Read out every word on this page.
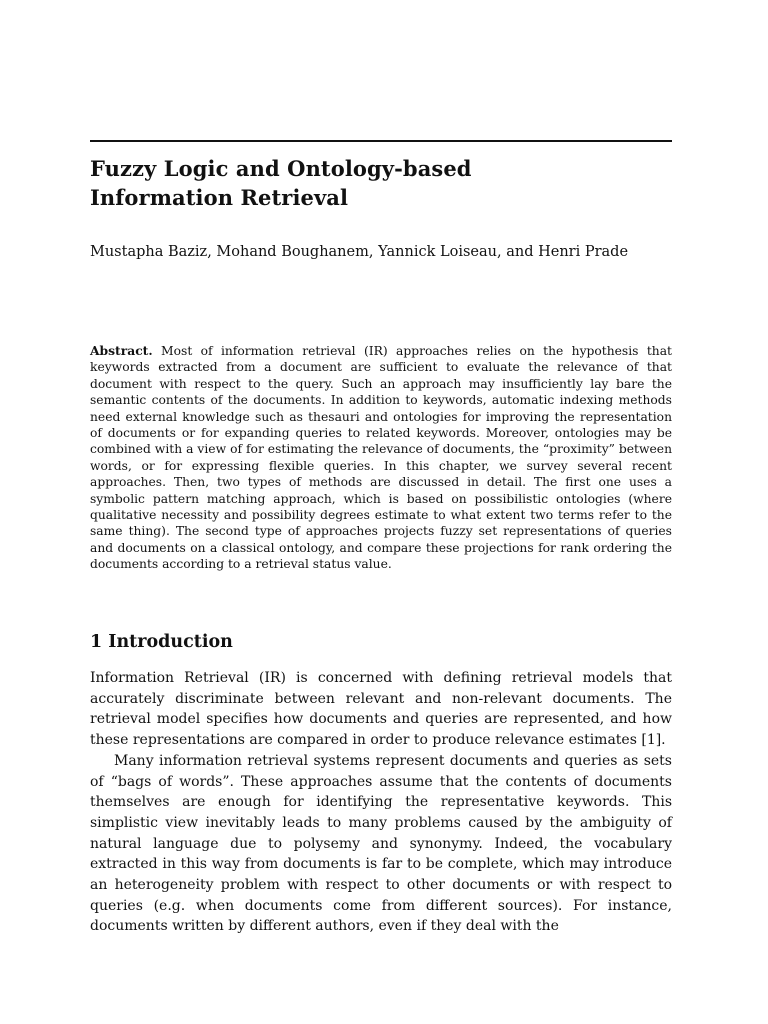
Fuzzy Logic and Ontology-based
Information Retrieval
Mustapha Baziz, Mohand Boughanem, Yannick Loiseau, and Henri Prade

Abstract. Most of information retrieval (IR) approaches relies on the hypothesis that keywords extracted from a document are sufficient to evaluate the relevance of that document with respect to the query. Such an approach may insufficiently lay bare the semantic contents of the documents. In addition to keywords, automatic indexing methods need external knowledge such as thesauri and ontologies for improving the representation of documents or for expanding queries to related keywords. Moreover, ontologies may be combined with a view of for estimating the relevance of documents, the “proximity” between words, or for expressing flexible queries. In this chapter, we survey several recent approaches. Then, two types of methods are discussed in detail. The first one uses a symbolic pattern matching approach, which is based on possibilistic ontologies (where qualitative necessity and possibility degrees estimate to what extent two terms refer to the same thing). The second type of approaches projects fuzzy set representations of queries and documents on a classical ontology, and compare these projections for rank ordering the documents according to a retrieval status value.

1 Introduction

Information Retrieval (IR) is concerned with defining retrieval models that accurately discriminate between relevant and non-relevant documents. The retrieval model specifies how documents and queries are represented, and how these representations are compared in order to produce relevance estimates [1].

Many information retrieval systems represent documents and queries as sets of “bags of words”. These approaches assume that the contents of documents themselves are enough for identifying the representative keywords. This simplistic view inevitably leads to many problems caused by the ambiguity of natural language due to polysemy and synonymy. Indeed, the vocabulary extracted in this way from documents is far to be complete, which may introduce an heterogeneity problem with respect to other documents or with respect to queries (e.g. when documents come from different sources). For instance, documents written by different authors, even if they deal with the
